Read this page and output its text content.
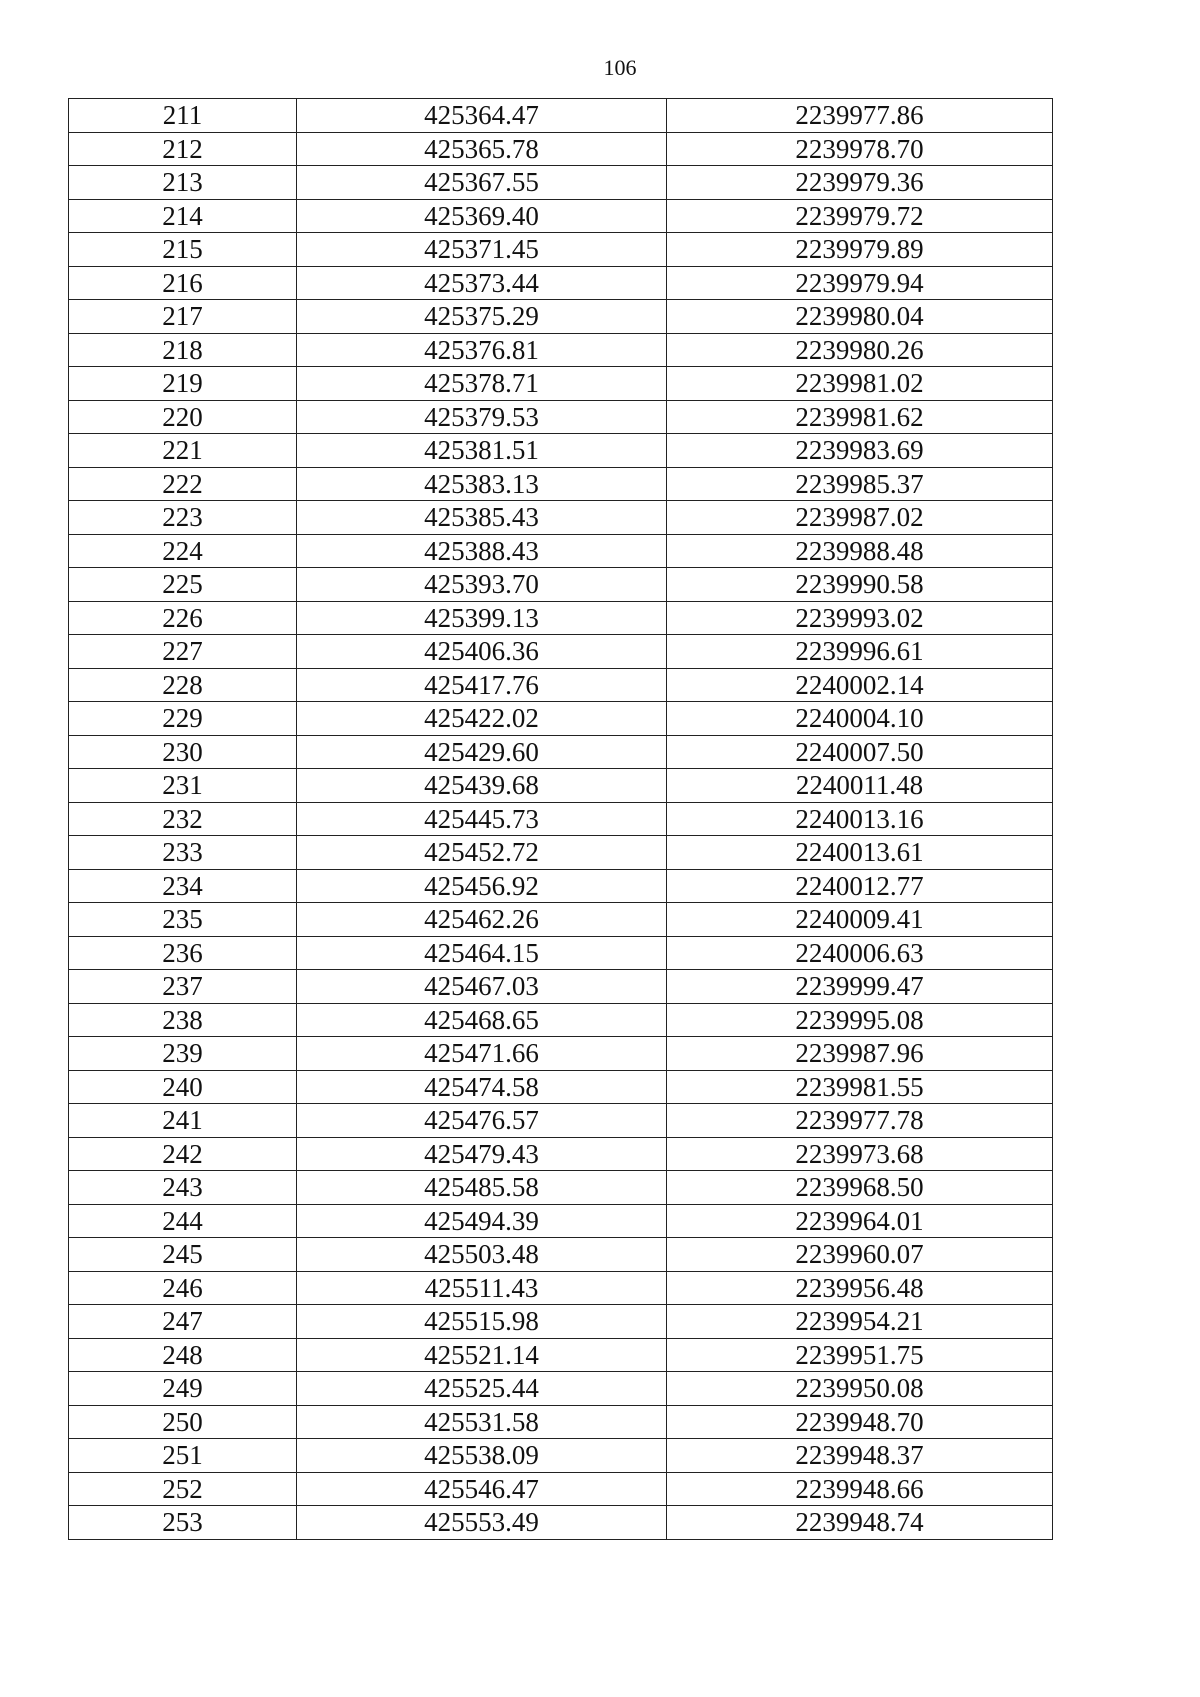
106
211	425364.47	2239977.86
212	425365.78	2239978.70
213	425367.55	2239979.36
214	425369.40	2239979.72
215	425371.45	2239979.89
216	425373.44	2239979.94
217	425375.29	2239980.04
218	425376.81	2239980.26
219	425378.71	2239981.02
220	425379.53	2239981.62
221	425381.51	2239983.69
222	425383.13	2239985.37
223	425385.43	2239987.02
224	425388.43	2239988.48
225	425393.70	2239990.58
226	425399.13	2239993.02
227	425406.36	2239996.61
228	425417.76	2240002.14
229	425422.02	2240004.10
230	425429.60	2240007.50
231	425439.68	2240011.48
232	425445.73	2240013.16
233	425452.72	2240013.61
234	425456.92	2240012.77
235	425462.26	2240009.41
236	425464.15	2240006.63
237	425467.03	2239999.47
238	425468.65	2239995.08
239	425471.66	2239987.96
240	425474.58	2239981.55
241	425476.57	2239977.78
242	425479.43	2239973.68
243	425485.58	2239968.50
244	425494.39	2239964.01
245	425503.48	2239960.07
246	425511.43	2239956.48
247	425515.98	2239954.21
248	425521.14	2239951.75
249	425525.44	2239950.08
250	425531.58	2239948.70
251	425538.09	2239948.37
252	425546.47	2239948.66
253	425553.49	2239948.74
